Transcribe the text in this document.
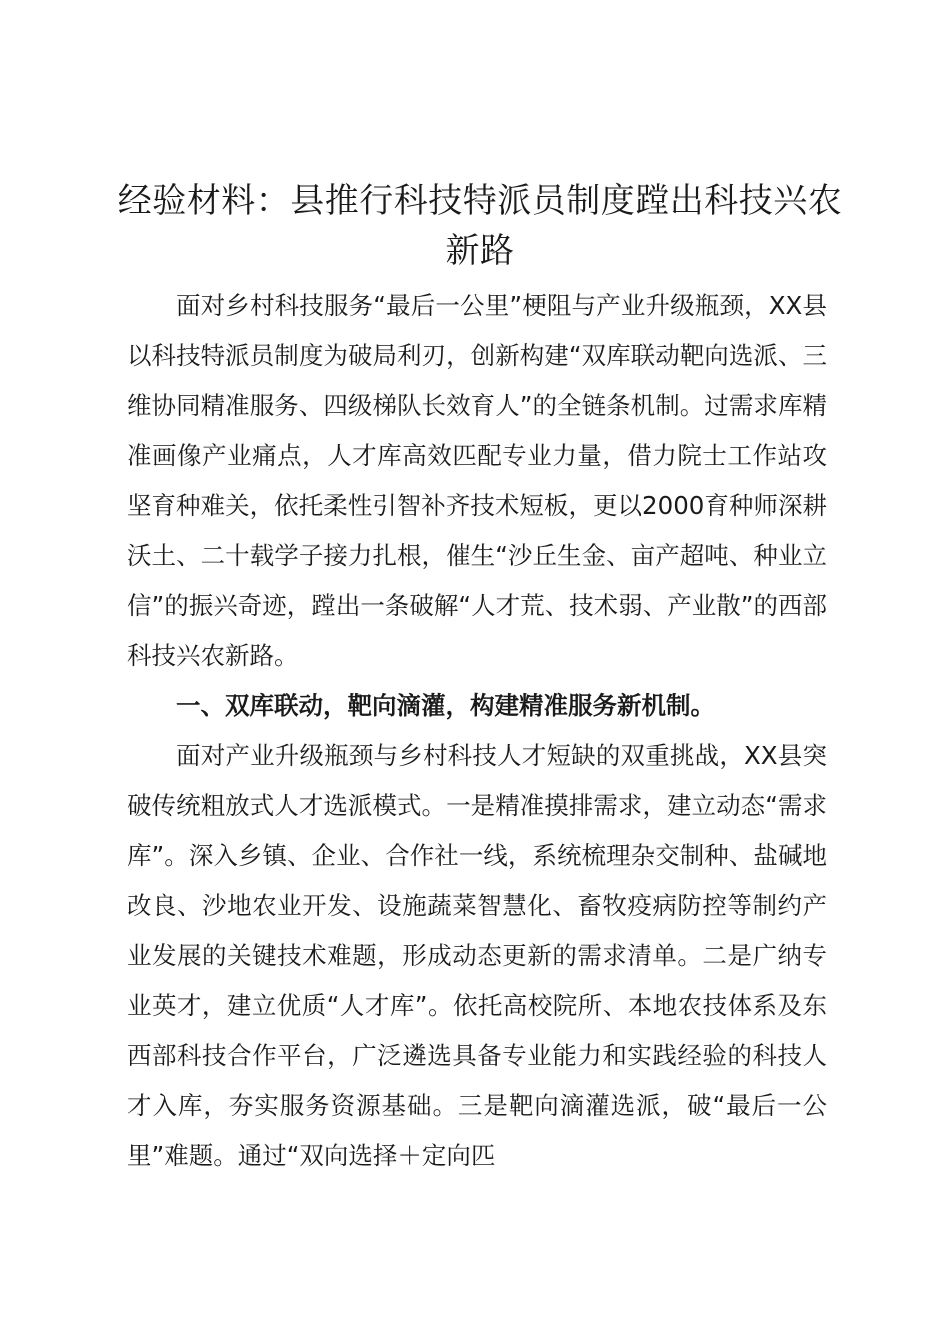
经验材料：县推行科技特派员制度蹚出科技兴农新路

面对乡村科技服务“最后一公里”梗阻与产业升级瓶颈，XX县以科技特派员制度为破局利刃，创新构建“双库联动靶向选派、三维协同精准服务、四级梯队长效育人”的全链条机制。过需求库精准画像产业痛点，人才库高效匹配专业力量，借力院士工作站攻坚育种难关，依托柔性引智补齐技术短板，更以2000育种师深耕沃土、二十载学子接力扎根，催生“沙丘生金、亩产超吨、种业立信”的振兴奇迹，蹚出一条破解“人才荒、技术弱、产业散”的西部科技兴农新路。

一、双库联动，靶向滴灌，构建精准服务新机制。

面对产业升级瓶颈与乡村科技人才短缺的双重挑战，XX县突破传统粗放式人才选派模式。一是精准摸排需求，建立动态“需求库”。深入乡镇、企业、合作社一线，系统梳理杂交制种、盐碱地改良、沙地农业开发、设施蔬菜智慧化、畜牧疫病防控等制约产业发展的关键技术难题，形成动态更新的需求清单。二是广纳专业英才，建立优质“人才库”。依托高校院所、本地农技体系及东西部科技合作平台，广泛遴选具备专业能力和实践经验的科技人才入库，夯实服务资源基础。三是靶向滴灌选派，破“最后一公里”难题。通过“双向选择＋定向匹
